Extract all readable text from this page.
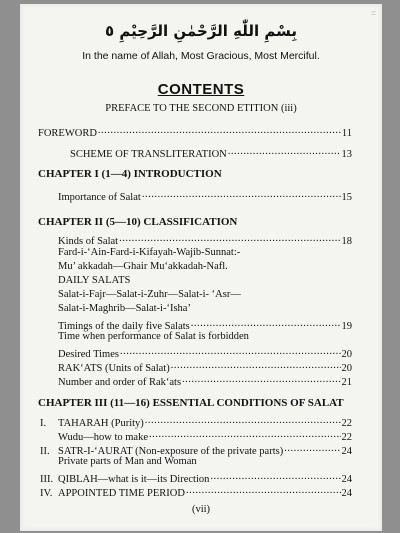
=
بِسْمِ اللّٰهِ الرَّحْمٰنِ الرَّحِيْمِ ٥
In the name of Allah, Most Gracious, Most Merciful.
CONTENTS
PREFACE TO THE SECOND ETITION (iii)
FOREWORD .....	11
SCHEME OF TRANSLITERATION .....	13
CHAPTER I (1—4) INTRODUCTION
Importance of Salat .....	15
CHAPTER II (5—10) CLASSIFICATION
Kinds of Salat .....	18
Fard-i-‘Ain-Fard-i-Kifayah-Wajib-Sunnat:-
Mu’ akkadah—Ghair Mu‘akkadah-Nafl.
DAILY SALATS
Salat-i-Fajr—Salat-i-Zuhr—Salat-i- ‘Asr—
Salat-i-Maghrib—Salat-i-‘Isha’
Timings of the daily five Salats .....	19
Time when performance of Salat is forbidden
Desired Times .....	20
RAK‘ATS (Units of Salat) .....	20
Number and order of Rak‘ats .....	21
CHAPTER III (11—16) ESSENTIAL CONDITIONS OF SALAT
I.	TAHARAH (Purity) .....	22
Wudu—how to make .....	22
II. SATR-I-‘AURAT (Non-exposure of the private parts) .....	24
Private parts of Man and Woman
III. QIBLAH—what is it—its Direction .....	24
IV. APPOINTED TIME PERIOD .....	24
(vii)
